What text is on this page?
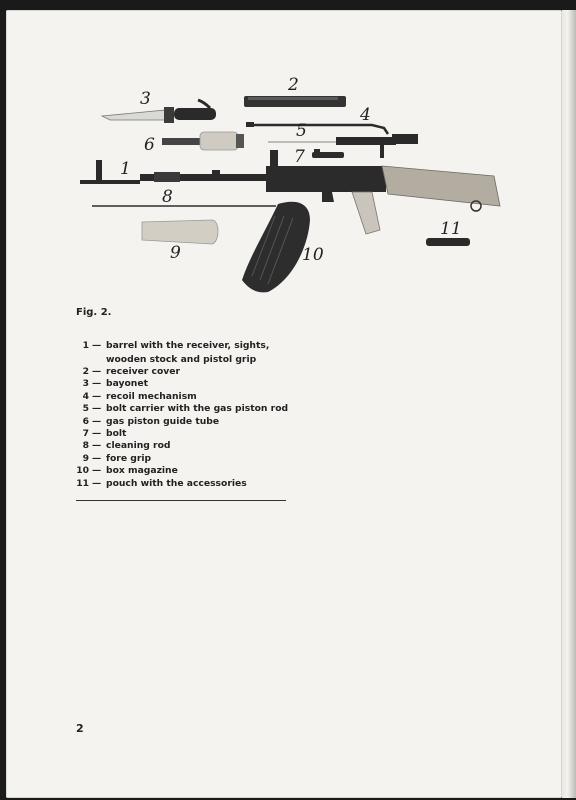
1
2
3
4
5
6
7
8
9	10
11
Fig. 2.
1 — barrel with the receiver, sights, wooden stock and pistol grip
2 — receiver cover
3 — bayonet
4 — recoil mechanism
5 — bolt carrier with the gas piston rod
6 — gas piston guide tube
7 — bolt
8 — cleaning rod
9 — fore grip
10 — box magazine
11 — pouch with the accessories
2
